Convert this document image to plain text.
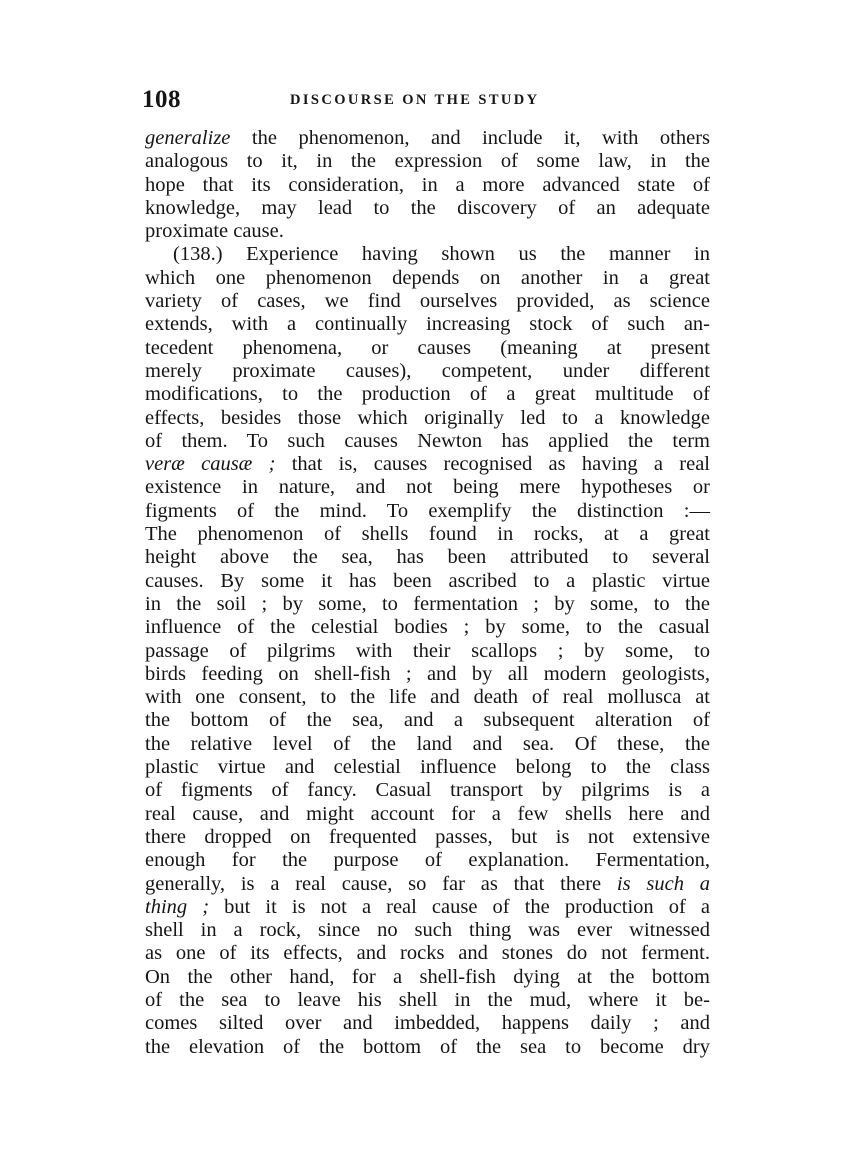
108	DISCOURSE ON THE STUDY
generalize the phenomenon, and include it, with others
analogous to it, in the expression of some law, in the
hope that its consideration, in a more advanced state of
knowledge, may lead to the discovery of an adequate
proximate cause.
(138.) Experience having shown us the manner in
which one phenomenon depends on another in a great
variety of cases, we find ourselves provided, as science
extends, with a continually increasing stock of such an-
tecedent phenomena, or causes (meaning at present
merely proximate causes), competent, under different
modifications, to the production of a great multitude of
effects, besides those which originally led to a knowledge
of them. To such causes Newton has applied the term
veræ causæ ; that is, causes recognised as having a real
existence in nature, and not being mere hypotheses or
figments of the mind. To exemplify the distinction :—
The phenomenon of shells found in rocks, at a great
height above the sea, has been attributed to several
causes. By some it has been ascribed to a plastic virtue
in the soil ; by some, to fermentation ; by some, to the
influence of the celestial bodies ; by some, to the casual
passage of pilgrims with their scallops ; by some, to
birds feeding on shell-fish ; and by all modern geologists,
with one consent, to the life and death of real mollusca at
the bottom of the sea, and a subsequent alteration of
the relative level of the land and sea. Of these, the
plastic virtue and celestial influence belong to the class
of figments of fancy. Casual transport by pilgrims is a
real cause, and might account for a few shells here and
there dropped on frequented passes, but is not extensive
enough for the purpose of explanation. Fermentation,
generally, is a real cause, so far as that there is such a
thing ; but it is not a real cause of the production of a
shell in a rock, since no such thing was ever witnessed
as one of its effects, and rocks and stones do not ferment.
On the other hand, for a shell-fish dying at the bottom
of the sea to leave his shell in the mud, where it be-
comes silted over and imbedded, happens daily ; and
the elevation of the bottom of the sea to become dry
